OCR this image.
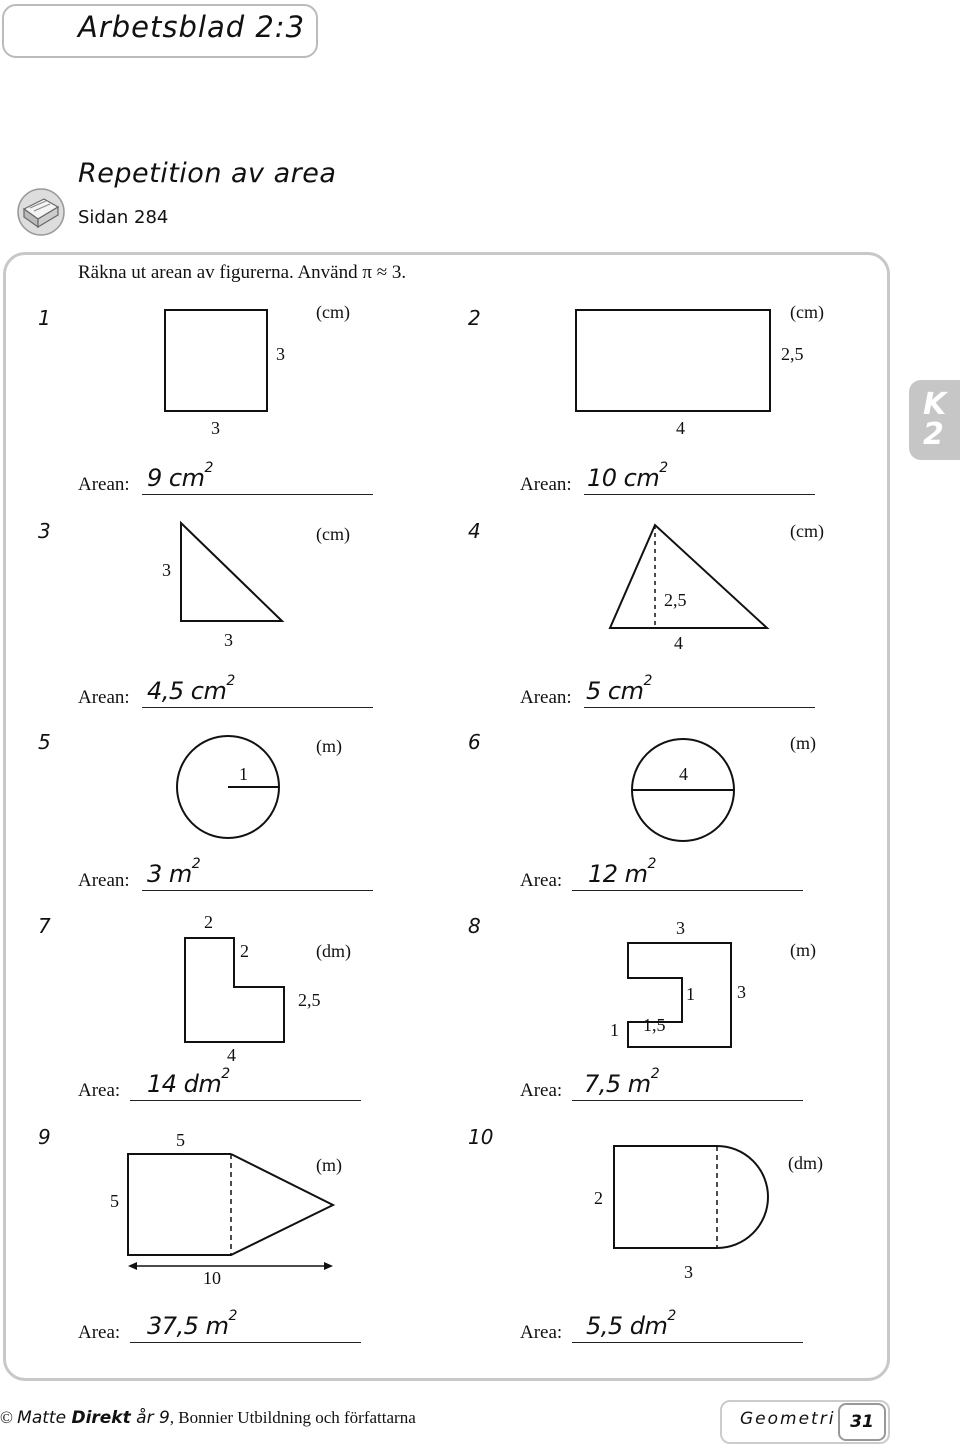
Arbetsblad 2:3
Repetition av area
Sidan 284
K
2
Räkna ut arean av figurerna. Använd π ≈ 3.
1	(cm)
3
3
Arean: 9 $cm^2$
2	(cm)
2,5
4
Arean: 10 $cm^2$
3	(cm)
3
3
Arean: 4,5 $cm^2$
4	(cm)
2,5
4
Arean: 5 $cm^2$
5	(m)
1
Arean: 3 $m^2$
6	(m)
4
Area: 12 $m^2$
7
(dm)
2
2
2,5
4
Area: 14 $dm^2$
8
(m)
3
1 3
1 1,5
Area: 7,5 $m^2$
9
(m)
5
5
10
Area: 37,5 $m^2$
10
(dm)
2
3
Area: 5,5 $dm^2$
© Matte Direkt år 9, Bonnier Utbildning och författarna	Geometri 31
